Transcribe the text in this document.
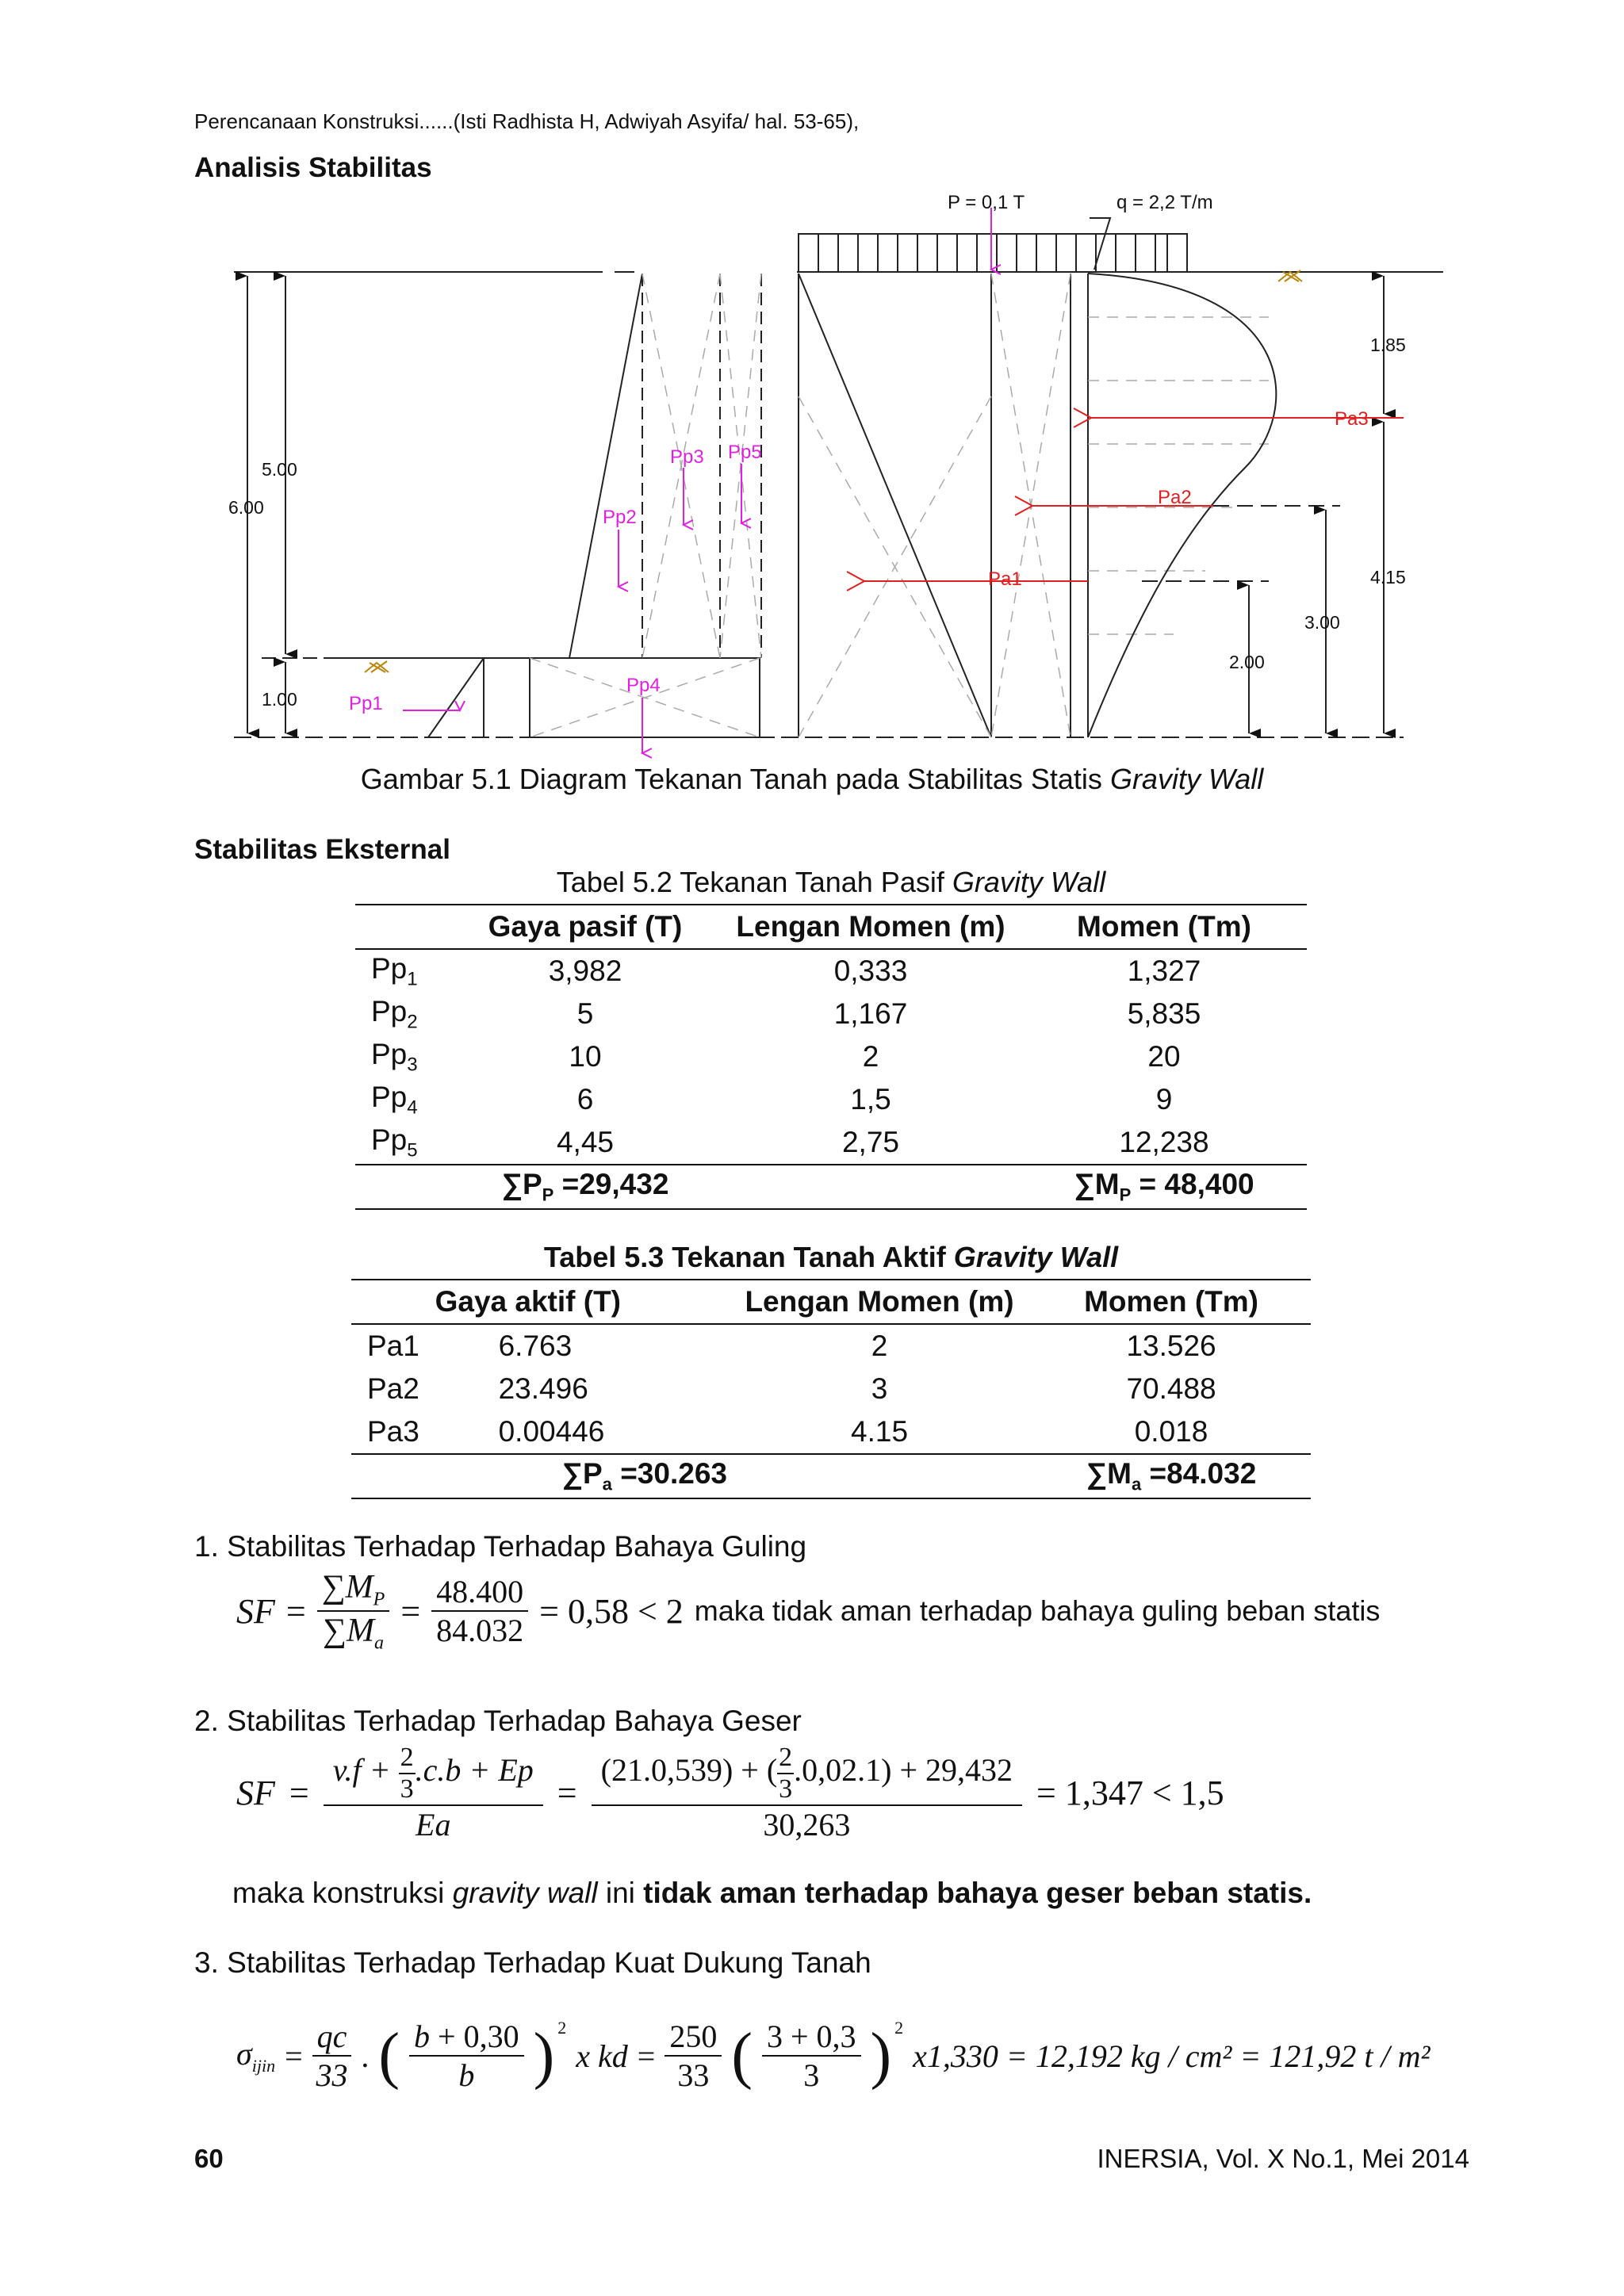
Perencanaan Konstruksi......(Isti Radhista H, Adwiyah Asyifa/ hal. 53-65),
Analisis Stabilitas
P = 0,1 T	q = 2,2 T/m
6.00
5.00
1.00
1.85
4.15
3.00
2.00
Pp1
Pp2
Pp3
Pp4
Pp5
Pa1
Pa2
Pa3
Gambar 5.1 Diagram Tekanan Tanah pada Stabilitas Statis Gravity Wall
Stabilitas Eksternal
Tabel 5.2 Tekanan Tanah Pasif Gravity Wall
	Gaya pasif (T)	Lengan Momen (m)	Momen (Tm)
$Pp_1$	3,982	0,333	1,327
$Pp_2$	5	1,167	5,835
$Pp_3$	10	2	20
$Pp_4$	6	1,5	9
$Pp_5$	4,45	2,75	12,238
	$\sum P_P =29,432$		$\sum M_P = 48,400$
Tabel 5.3 Tekanan Tanah Aktif Gravity Wall
	Gaya aktif (T)	Lengan Momen (m)	Momen (Tm)
Pa1	6.763	2	13.526
Pa2	23.496	3	70.488
Pa3	0.00446	4.15	0.018
	$\sum P_a =30.263$		$\sum M_a =84.032$
1. Stabilitas Terhadap Terhadap Bahaya Guling
SF = $\frac{\sum M_P}{\sum M_a} = \frac{48.400}{84.032} = 0,58 < 2$ maka tidak aman terhadap bahaya guling beban statis
2. Stabilitas Terhadap Terhadap Bahaya Geser
SF = $\frac{v.f + \frac{2}{3} .c.b + Ep}{Ea} = \frac{(21.0,539) + ( \frac{2}{3} .0,02.1) + 29,432}{30,263} = 1,347 < 1,5$
maka konstruksi gravity wall ini tidak aman terhadap bahaya geser beban statis.
3. Stabilitas Terhadap Terhadap Kuat Dukung Tanah
$\sigma_{ijin} = \frac{qc}{33}$ . ( $\frac{b + 0,30}{b} )^2$
x kd = $\frac{250}{33}$ ( $\frac{3 + 0,3}{3} )^2$
x1,330 = 12,192 kg / cm² = 121,92 t / m²
60	INERSIA, Vol. X No.1, Mei 2014
